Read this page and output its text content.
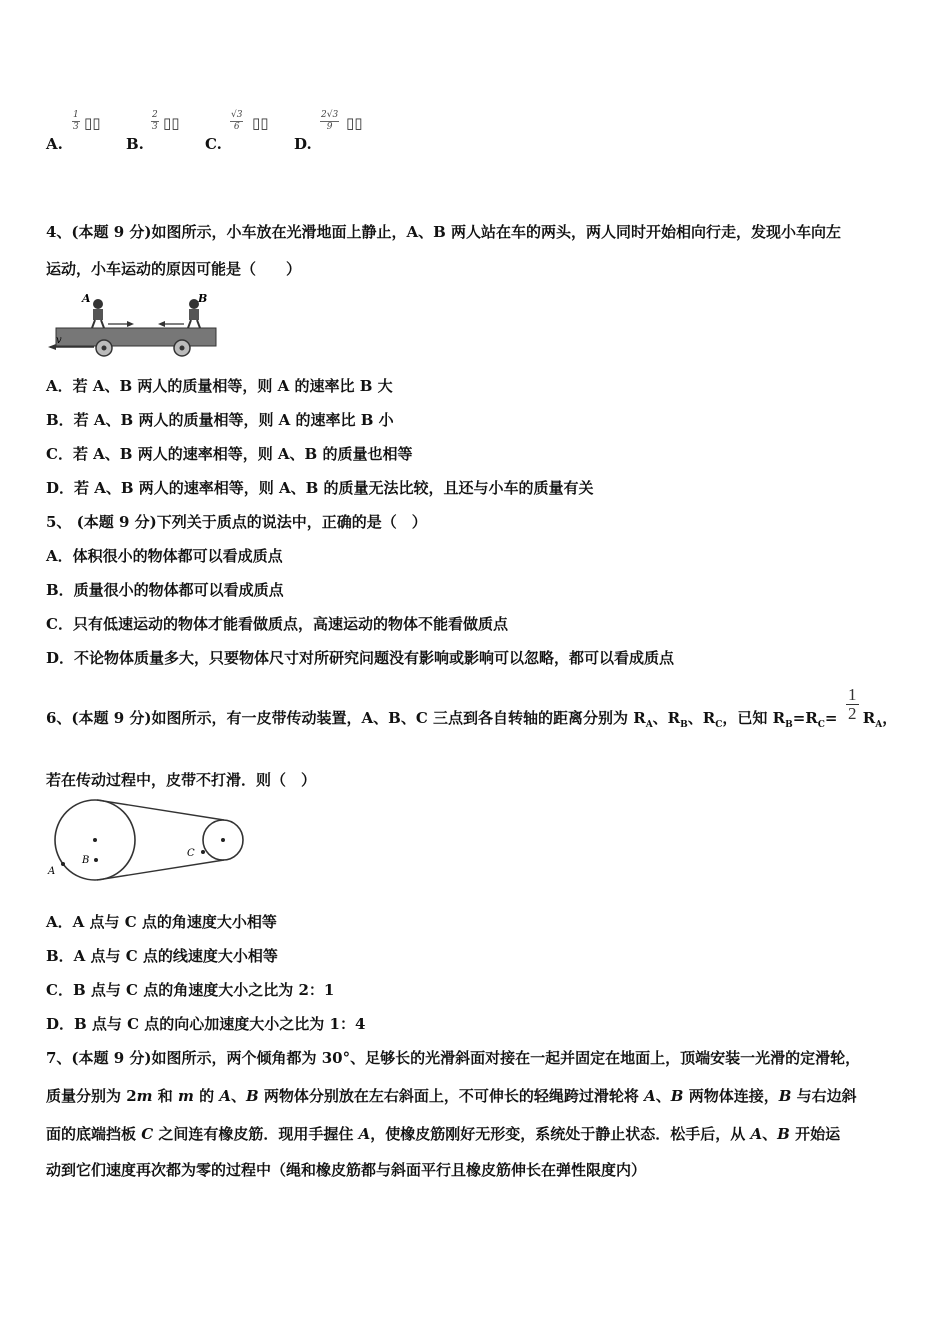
A.
$\frac{1}{3}$ ▯▯
B.
$\frac{2}{3}$ ▯▯
C.
$\frac{√3}{6}$ ▯▯
D.
$\frac{2√3}{9}$ ▯▯
4、(本题 9 分)如图所示，小车放在光滑地面上静止，A、B 两人站在车的两头，两人同时开始相向行走，发现小车向左
运动，小车运动的原因可能是（　　）
v
A	B
A．若 A、B 两人的质量相等，则 A 的速率比 B 大
B．若 A、B 两人的质量相等，则 A 的速率比 B 小
C．若 A、B 两人的速率相等，则 A、B 的质量也相等
D．若 A、B 两人的速率相等，则 A、B 的质量无法比较，且还与小车的质量有关
5、 (本题 9 分)下列关于质点的说法中，正确的是（　）
A．体积很小的物体都可以看成质点
B．质量很小的物体都可以看成质点
C．只有低速运动的物体才能看做质点，高速运动的物体不能看做质点
D．不论物体质量多大，只要物体尺寸对所研究问题没有影响或影响可以忽略，都可以看成质点
6、(本题 9 分)如图所示，有一皮带传动装置，A、B、C 三点到各自转轴的距离分别为 $R_A$、$R_B$、$R_C$，已知 $R_B=R_C= R_A$，
$\frac{1}{2}$
若在传动过程中，皮带不打滑．则（　）
A
B
C
A．A 点与 C 点的角速度大小相等
B．A 点与 C 点的线速度大小相等
C．B 点与 C 点的角速度大小之比为 2：1
D．B 点与 C 点的向心加速度大小之比为 1：4
7、(本题 9 分)如图所示，两个倾角都为 30°、足够长的光滑斜面对接在一起并固定在地面上，顶端安装一光滑的定滑轮，
质量分别为 2m 和 m 的 A、B 两物体分别放在左右斜面上，不可伸长的轻绳跨过滑轮将 A、B 两物体连接，B 与右边斜
面的底端挡板 C 之间连有橡皮筋．现用手握住 A，使橡皮筋刚好无形变，系统处于静止状态．松手后，从 A、B 开始运
动到它们速度再次都为零的过程中（绳和橡皮筋都与斜面平行且橡皮筋伸长在弹性限度内）
